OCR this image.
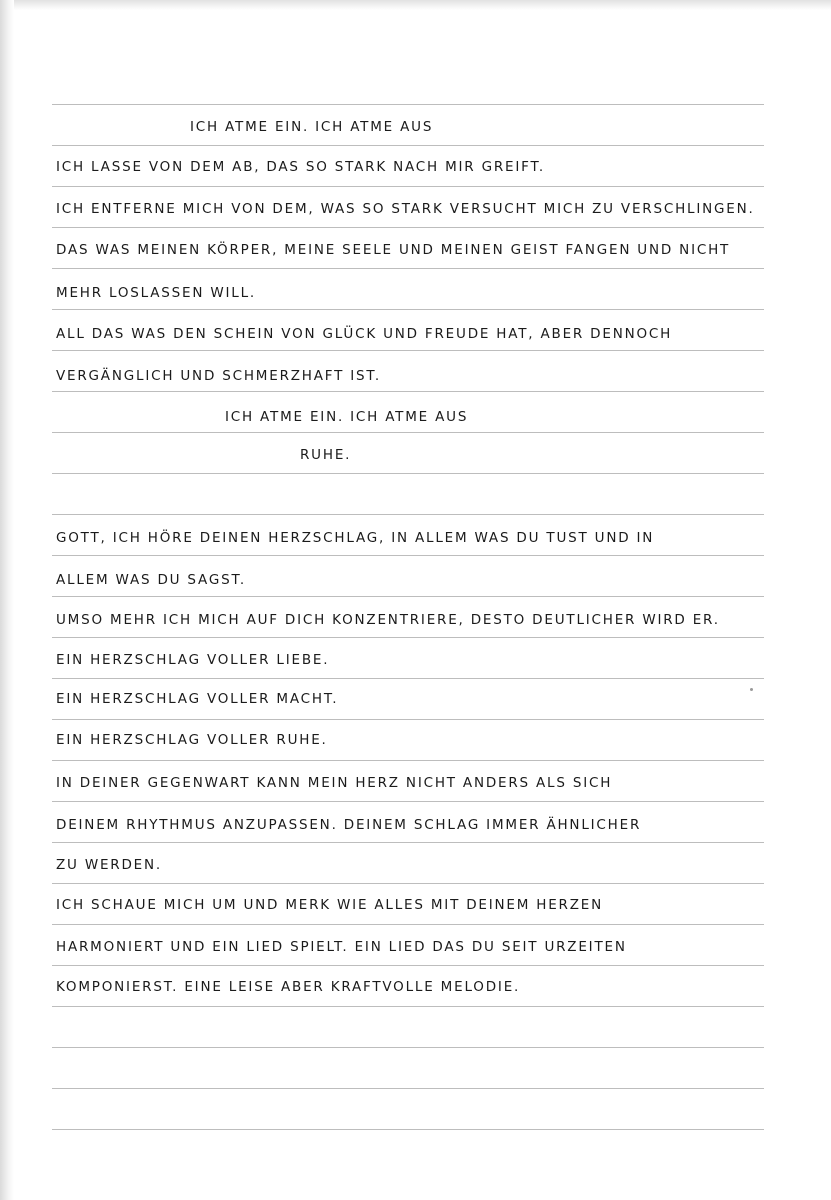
ICH ATME EIN. ICH ATME AUS
ICH LASSE VON DEM AB, DAS SO STARK NACH MIR GREIFT.
ICH ENTFERNE MICH VON DEM, WAS SO STARK VERSUCHT MICH ZU VERSCHLINGEN.
DAS WAS MEINEN KÖRPER, MEINE SEELE UND MEINEN GEIST FANGEN UND NICHT
MEHR LOSLASSEN WILL.
ALL DAS WAS DEN SCHEIN VON GLÜCK UND FREUDE HAT, ABER DENNOCH
VERGÄNGLICH UND SCHMERZHAFT IST.
ICH ATME EIN. ICH ATME AUS
RUHE.
GOTT, ICH HÖRE DEINEN HERZSCHLAG, IN ALLEM WAS DU TUST UND IN
ALLEM WAS DU SAGST.
UMSO MEHR ICH MICH AUF DICH KONZENTRIERE, DESTO DEUTLICHER WIRD ER.
EIN HERZSCHLAG VOLLER LIEBE.
EIN HERZSCHLAG VOLLER MACHT.
EIN HERZSCHLAG VOLLER RUHE.
IN DEINER GEGENWART KANN MEIN HERZ NICHT ANDERS ALS SICH
DEINEM RHYTHMUS ANZUPASSEN. DEINEM SCHLAG IMMER ÄHNLICHER
ZU WERDEN.
ICH SCHAUE MICH UM UND MERK WIE ALLES MIT DEINEM HERZEN
HARMONIERT UND EIN LIED SPIELT. EIN LIED DAS DU SEIT URZEITEN
KOMPONIERST. EINE LEISE ABER KRAFTVOLLE MELODIE.
